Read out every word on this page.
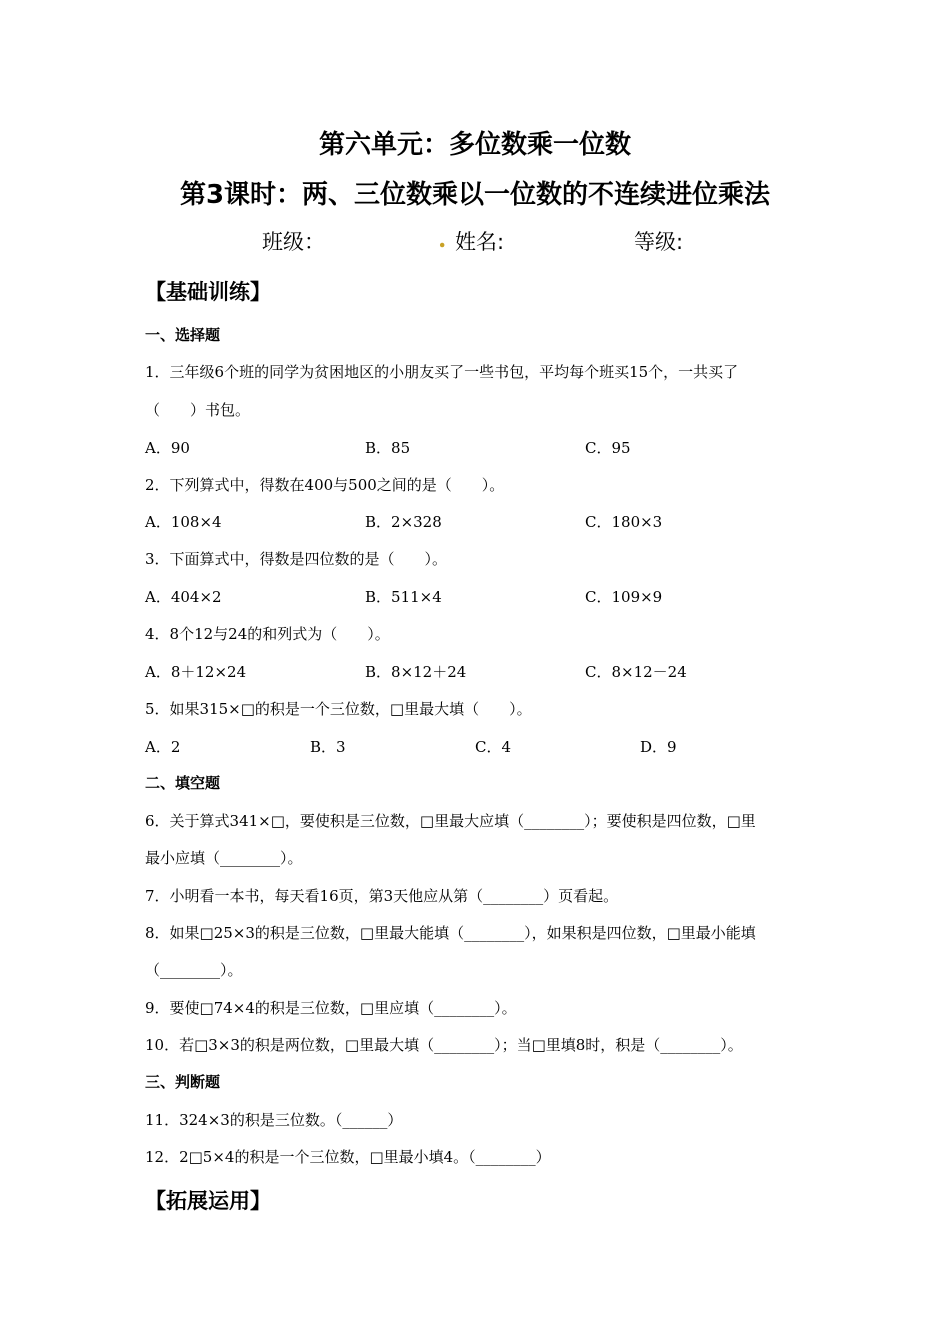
第六单元：多位数乘一位数
第3课时：两、三位数乘以一位数的不连续进位乘法
班级：	. 姓名:	等级:
【基础训练】
一、选择题
1．三年级6个班的同学为贫困地区的小朋友买了一些书包，平均每个班买15个，一共买了
（　　）书包。
A．90	B．85	C．95
2．下列算式中，得数在400与500之间的是（　　）。
A．108×4	B．2×328	C．180×3
3．下面算式中，得数是四位数的是（　　）。
A．404×2	B．511×4	C．109×9
4．8个12与24的和列式为（　　）。
A．8＋12×24	B．8×12＋24	C．8×12－24
5．如果315×□的积是一个三位数，□里最大填（　　）。
A．2	B．3	C．4	D．9
二、填空题
6．关于算式341×□，要使积是三位数，□里最大应填（________）；要使积是四位数，□里
最小应填（________）。
7．小明看一本书，每天看16页，第3天他应从第（________）页看起。
8．如果□25×3的积是三位数，□里最大能填（________），如果积是四位数，□里最小能填
（________）。
9．要使□74×4的积是三位数，□里应填（________）。
10．若□3×3的积是两位数，□里最大填（________）；当□里填8时，积是（________）。
三、判断题
11．324×3的积是三位数。（______）
12．2□5×4的积是一个三位数，□里最小填4。（________）
【拓展运用】
